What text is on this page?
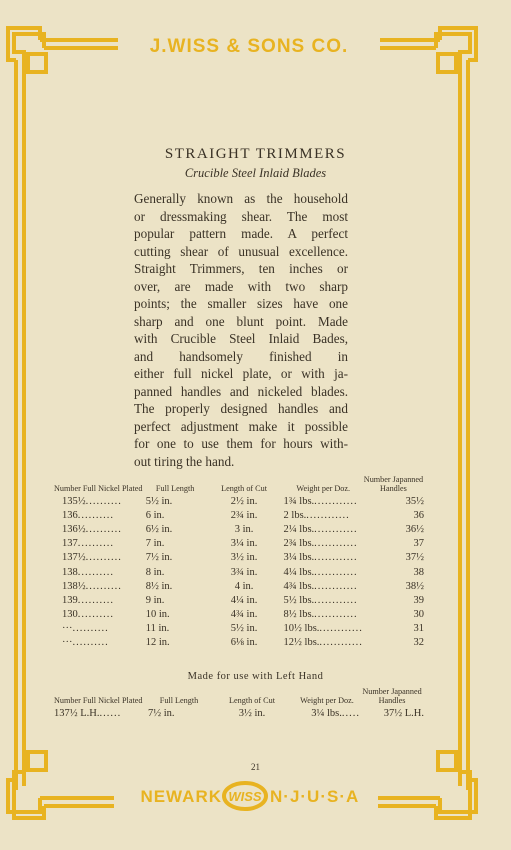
J.WISS & SONS CO.
NEWARK	N·J·U·S·A
WISS
STRAIGHT TRIMMERS
Crucible Steel Inlaid Blades
Generally known as the household
or dressmaking shear. The most
popular pattern made. A perfect
cutting shear of unusual excellence.
Straight Trimmers, ten inches or
over, are made with two sharp
points; the smaller sizes have one
sharp and one blunt point. Made
with Crucible Steel Inlaid Bades,
and handsomely finished in
either full nickel plate, or with ja-
panned handles and nickeled blades.
The properly designed handles and
perfect adjustment make it possible
for one to use them for hours with-
out tiring the hand.
Number Full Nickel Plated	Full Length	Length of Cut	Weight per Doz.	Number Japanned Handles
135½..........	5½ in.	2½ in.	1¾ lbs.............	35½
136..........	6 in.	2¾ in.	2 lbs.............	36
136½..........	6½ in.	3 in.	2¼ lbs.............	36½
137..........	7 in.	3¼ in.	2¾ lbs.............	37
137½..........	7½ in.	3½ in.	3¼ lbs.............	37½
138..........	8 in.	3¾ in.	4¼ lbs.............	38
138½..........	8½ in.	4 in.	4¾ lbs.............	38½
139..........	9 in.	4¼ in.	5½ lbs.............	39
130..........	10 in.	4¾ in.	8½ lbs.............	30
···..........	11 in.	5½ in.	10½ lbs.............	31
···..........	12 in.	6⅛ in.	12½ lbs.............	32
Made for use with Left Hand
Number Full Nickel Plated	Full Length	Length of Cut	Weight per Doz.	Number Japanned Handles
137½ L.H.......	7½ in.	3½ in.	3¼ lbs......	37½ L.H.
21
